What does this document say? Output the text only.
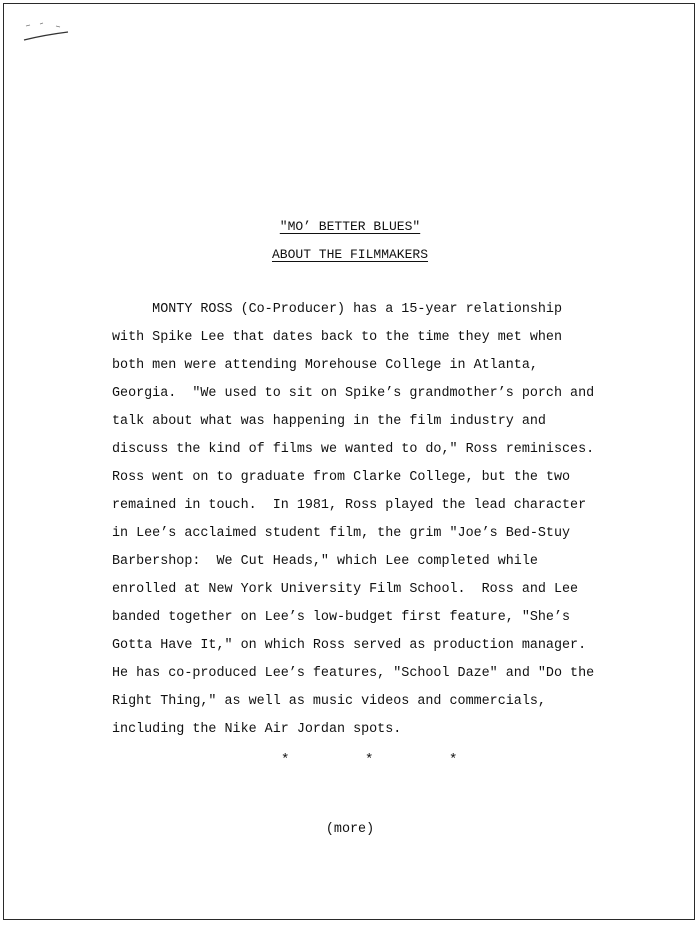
"MO’ BETTER BLUES"
ABOUT THE FILMMAKERS
MONTY ROSS (Co-Producer) has a 15-year relationship
with Spike Lee that dates back to the time they met when
both men were attending Morehouse College in Atlanta,
Georgia.  "We used to sit on Spike’s grandmother’s porch and
talk about what was happening in the film industry and
discuss the kind of films we wanted to do," Ross reminisces.
Ross went on to graduate from Clarke College, but the two
remained in touch.  In 1981, Ross played the lead character
in Lee’s acclaimed student film, the grim "Joe’s Bed-Stuy
Barbershop:  We Cut Heads," which Lee completed while
enrolled at New York University Film School.  Ross and Lee
banded together on Lee’s low-budget first feature, "She’s
Gotta Have It," on which Ross served as production manager.
He has co-produced Lee’s features, "School Daze" and "Do the
Right Thing," as well as music videos and commercials,
including the Nike Air Jordan spots.
*	*	*
(more)
